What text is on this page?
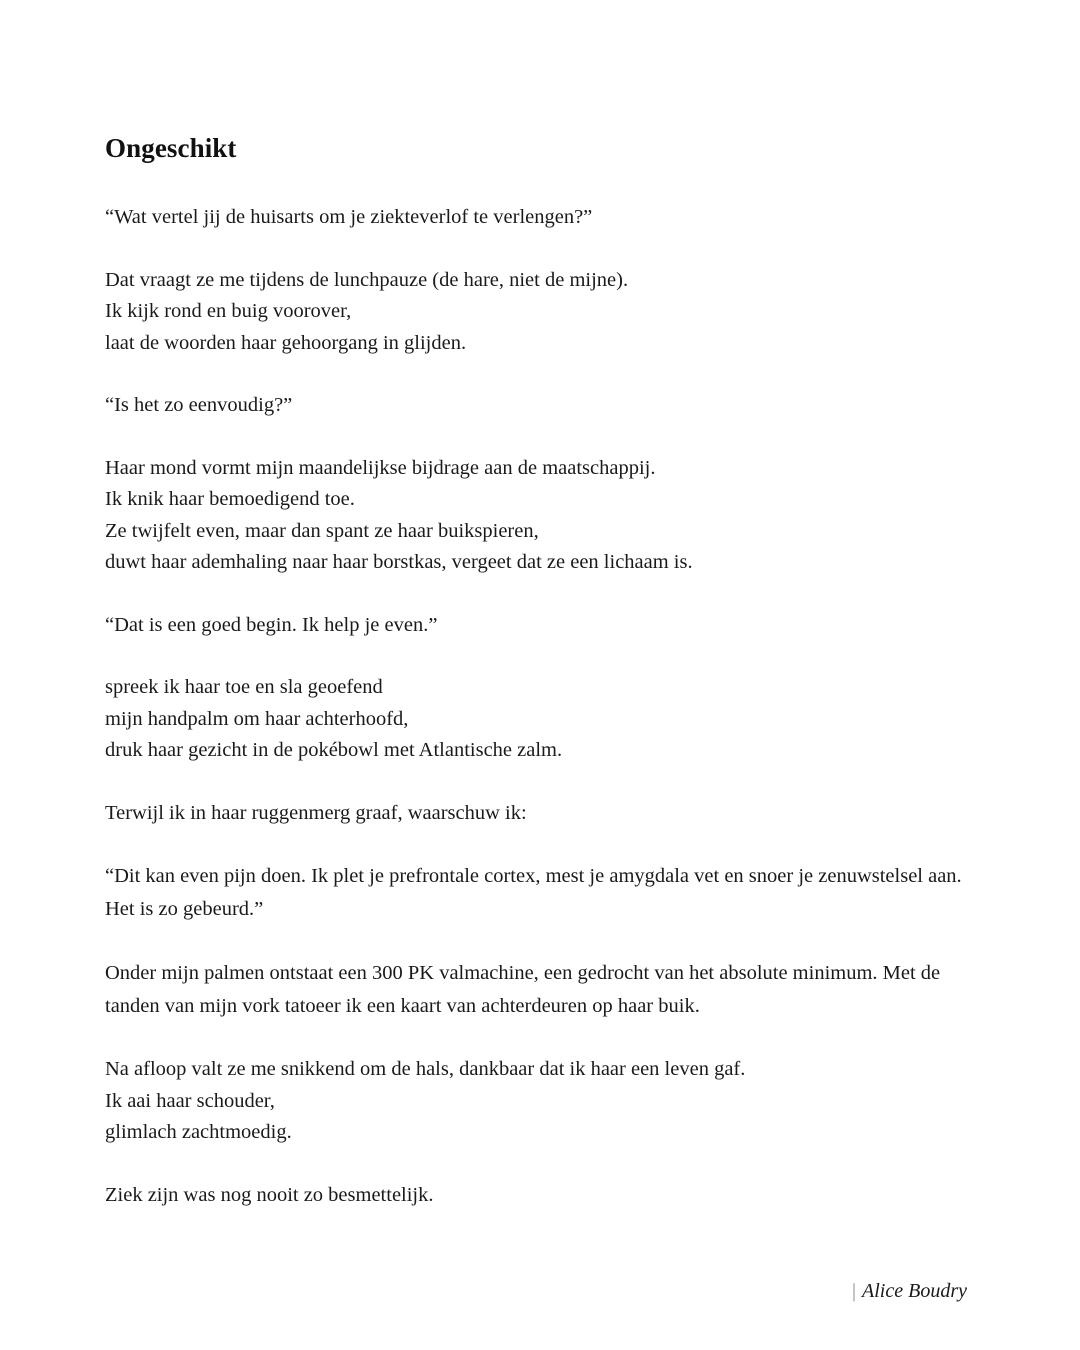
Ongeschikt

“Wat vertel jij de huisarts om je ziekteverlof te verlengen?”

Dat vraagt ze me tijdens de lunchpauze (de hare, niet de mijne).

Ik kijk rond en buig voorover,

laat de woorden haar gehoorgang in glijden.

“Is het zo eenvoudig?”

Haar mond vormt mijn maandelijkse bijdrage aan de maatschappij.

Ik knik haar bemoedigend toe.

Ze twijfelt even, maar dan spant ze haar buikspieren,

duwt haar ademhaling naar haar borstkas, vergeet dat ze een lichaam is.

“Dat is een goed begin. Ik help je even.”

spreek ik haar toe en sla geoefend

mijn handpalm om haar achterhoofd,

druk haar gezicht in de pokébowl met Atlantische zalm.

Terwijl ik in haar ruggenmerg graaf, waarschuw ik:

“Dit kan even pijn doen. Ik plet je prefrontale cortex, mest je amygdala vet en snoer je zenuwstelsel aan. Het is zo gebeurd.”

Onder mijn palmen ontstaat een 300 PK valmachine, een gedrocht van het absolute minimum. Met de tanden van mijn vork tatoeer ik een kaart van achterdeuren op haar buik.

Na afloop valt ze me snikkend om de hals, dankbaar dat ik haar een leven gaf.

Ik aai haar schouder,

glimlach zachtmoedig.

Ziek zijn was nog nooit zo besmettelijk.

| Alice Boudry
